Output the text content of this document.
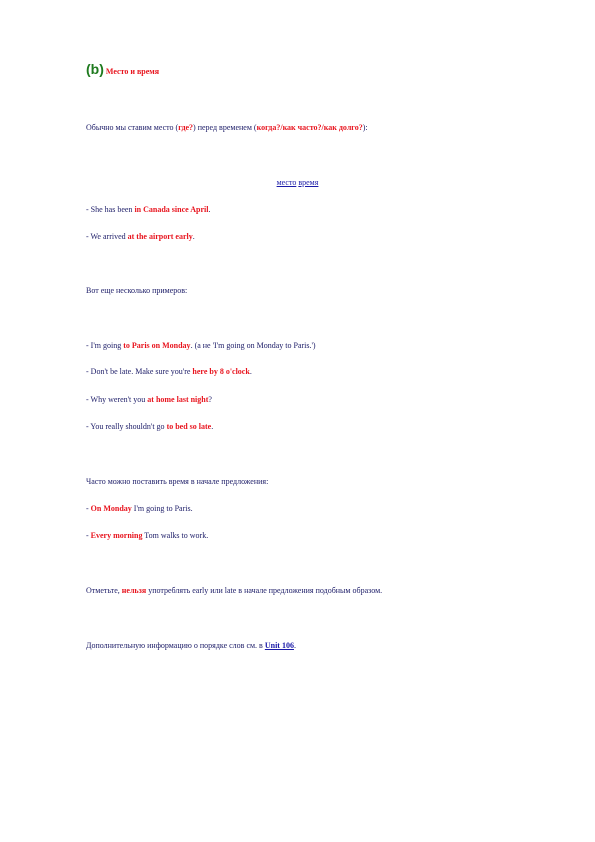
(b) Место и время
Обычно мы ставим место (где?) перед временем (когда?/как часто?/как долго?):
место время
- She has been in Canada since April.
- We arrived at the airport early.
Вот еще несколько примеров:
- I'm going to Paris on Monday. (a не 'I'm going on Monday to Paris.')
- Don't be late. Make sure you're here by 8 o'clock.
- Why weren't you at home last night?
- You really shouldn't go to bed so late.
Часто можно поставить время в начале предложения:
- On Monday I'm going to Paris.
- Every morning Tom walks to work.
Отметьте, нельзя употреблять early или late в начале предложения подобным образом.
Дополнительную информацию о порядке слов см. в Unit 106.
